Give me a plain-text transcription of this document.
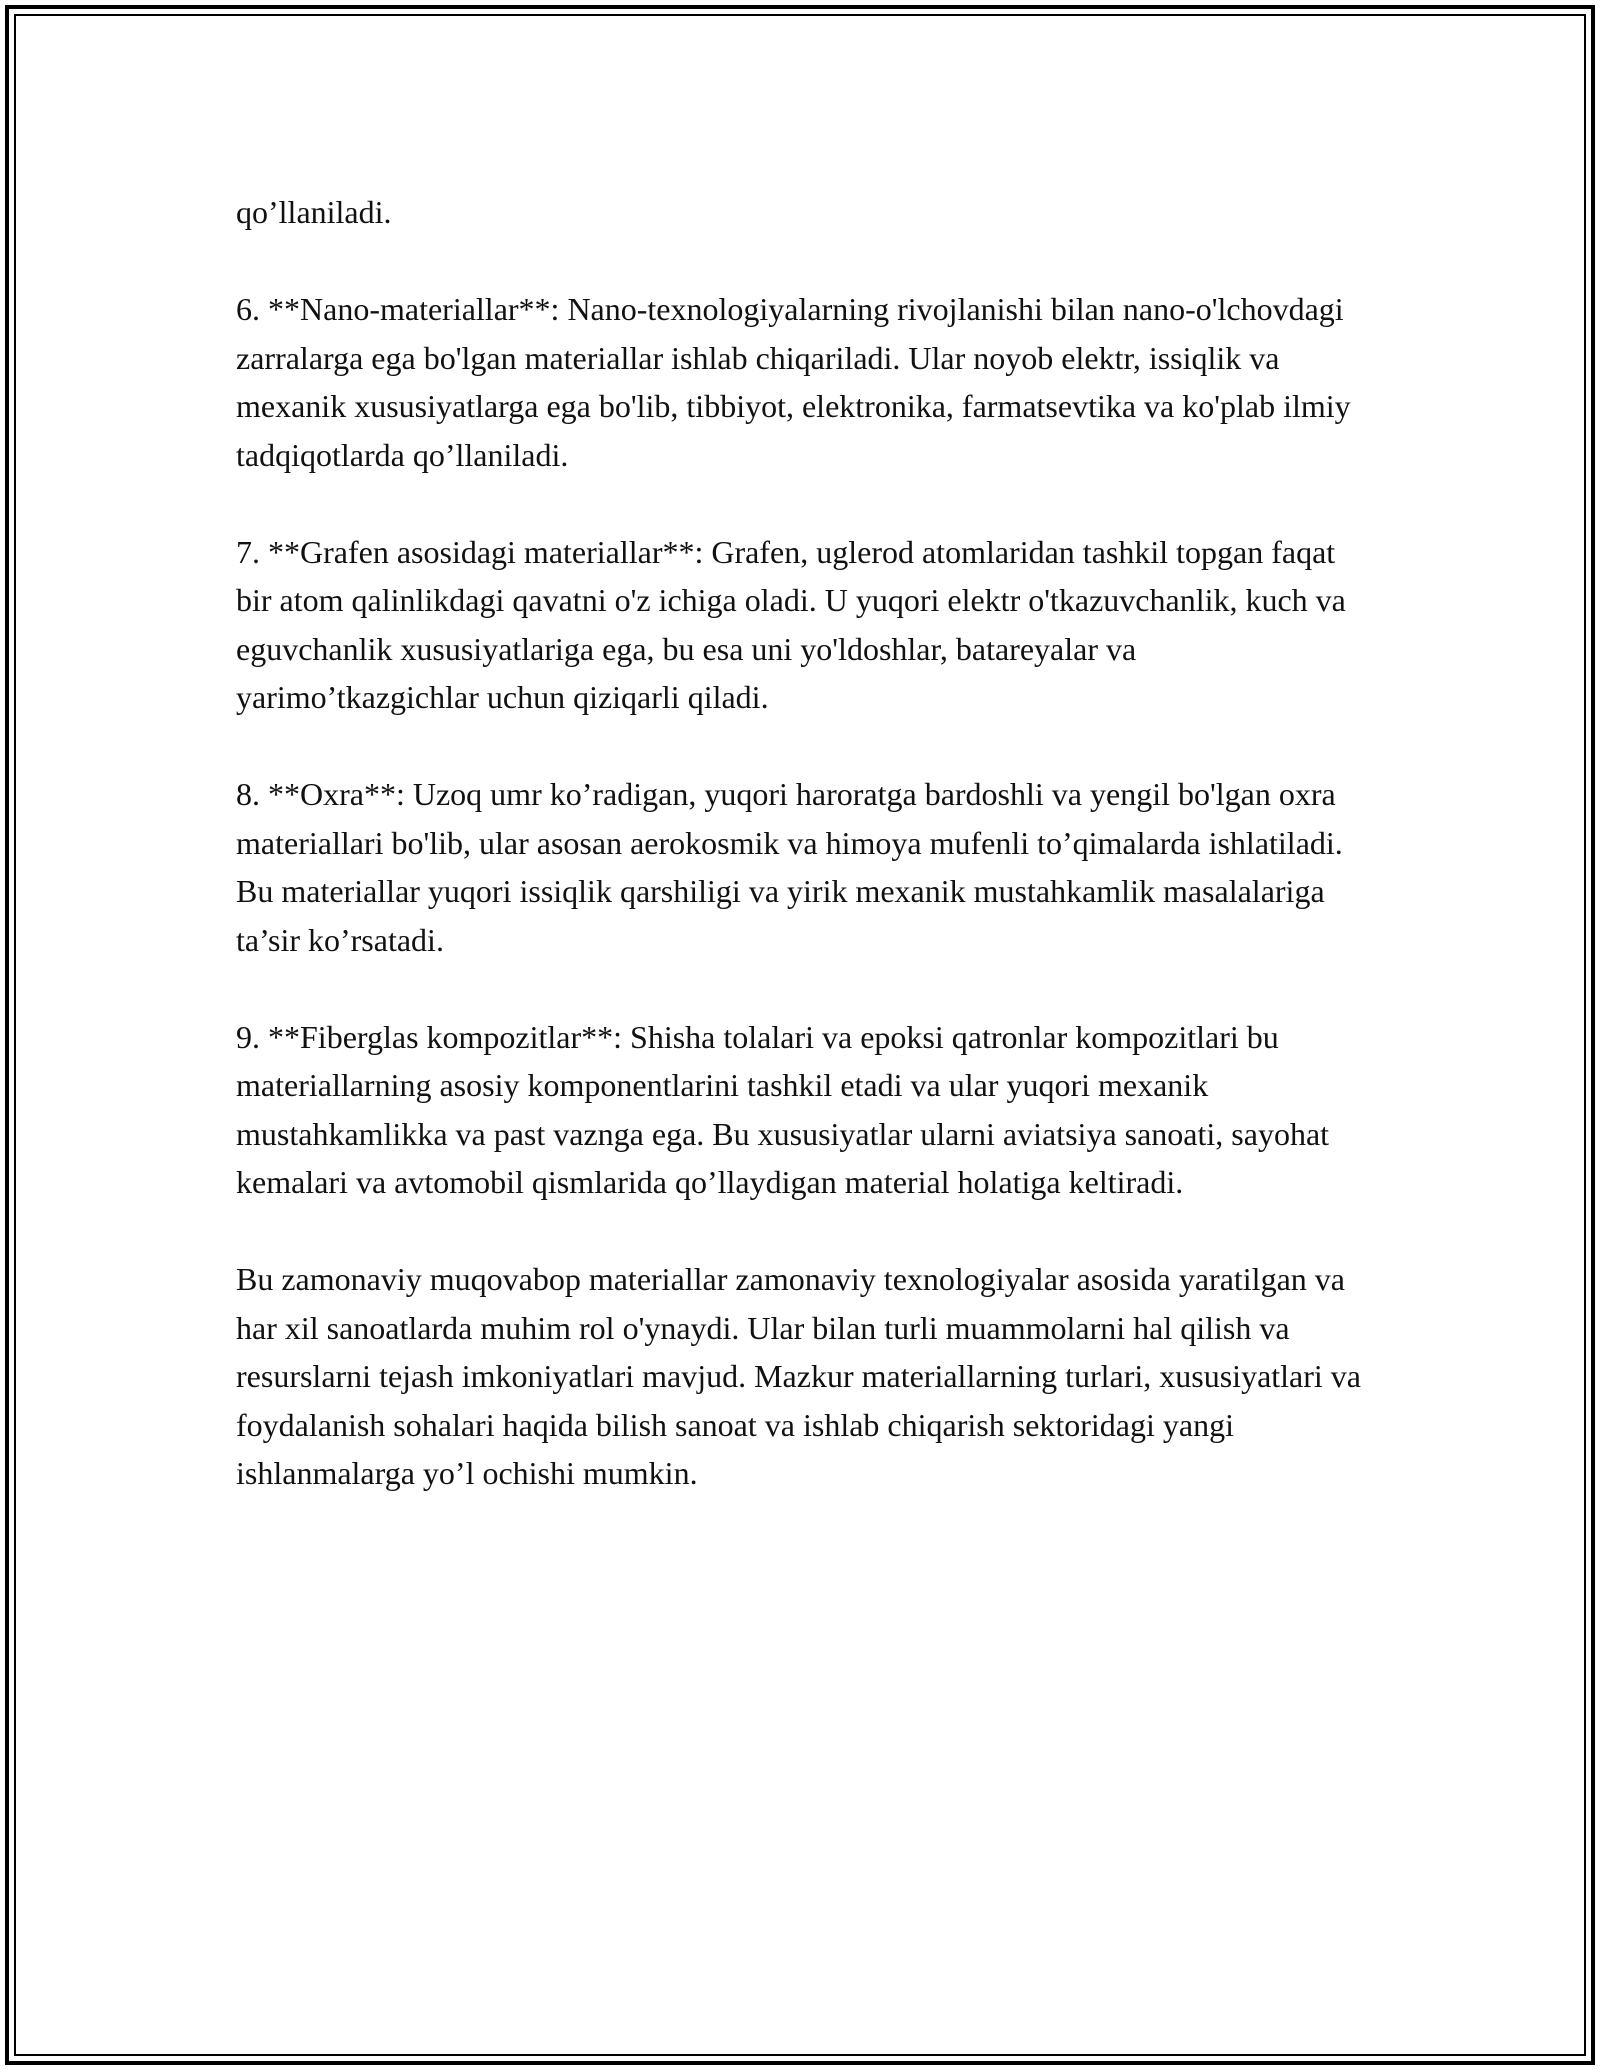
qo’llaniladi.

6. **Nano-materiallar**: Nano-texnologiyalarning rivojlanishi bilan nano-o'lchovdagi zarralarga ega bo'lgan materiallar ishlab chiqariladi. Ular noyob elektr, issiqlik va mexanik xususiyatlarga ega bo'lib, tibbiyot, elektronika, farmatsevtika va ko'plab ilmiy tadqiqotlarda qo’llaniladi.

7. **Grafen asosidagi materiallar**: Grafen, uglerod atomlaridan tashkil topgan faqat bir atom qalinlikdagi qavatni o'z ichiga oladi. U yuqori elektr o'tkazuvchanlik, kuch va eguvchanlik xususiyatlariga ega, bu esa uni yo'ldoshlar, batareyalar va yarimo’tkazgichlar uchun qiziqarli qiladi.

8. **Oxra**: Uzoq umr ko’radigan, yuqori haroratga bardoshli va yengil bo'lgan oxra materiallari bo'lib, ular asosan aerokosmik va himoya mufenli to’qimalarda ishlatiladi. Bu materiallar yuqori issiqlik qarshiligi va yirik mexanik mustahkamlik masalalariga ta’sir ko’rsatadi.

9. **Fiberglas kompozitlar**: Shisha tolalari va epoksi qatronlar kompozitlari bu materiallarning asosiy komponentlarini tashkil etadi va ular yuqori mexanik mustahkamlikka va past vaznga ega. Bu xususiyatlar ularni aviatsiya sanoati, sayohat kemalari va avtomobil qismlarida qo’llaydigan material holatiga keltiradi.

Bu zamonaviy muqovabop materiallar zamonaviy texnologiyalar asosida yaratilgan va har xil sanoatlarda muhim rol o'ynaydi. Ular bilan turli muammolarni hal qilish va resurslarni tejash imkoniyatlari mavjud. Mazkur materiallarning turlari, xususiyatlari va foydalanish sohalari haqida bilish sanoat va ishlab chiqarish sektoridagi yangi ishlanmalarga yo’l ochishi mumkin.
